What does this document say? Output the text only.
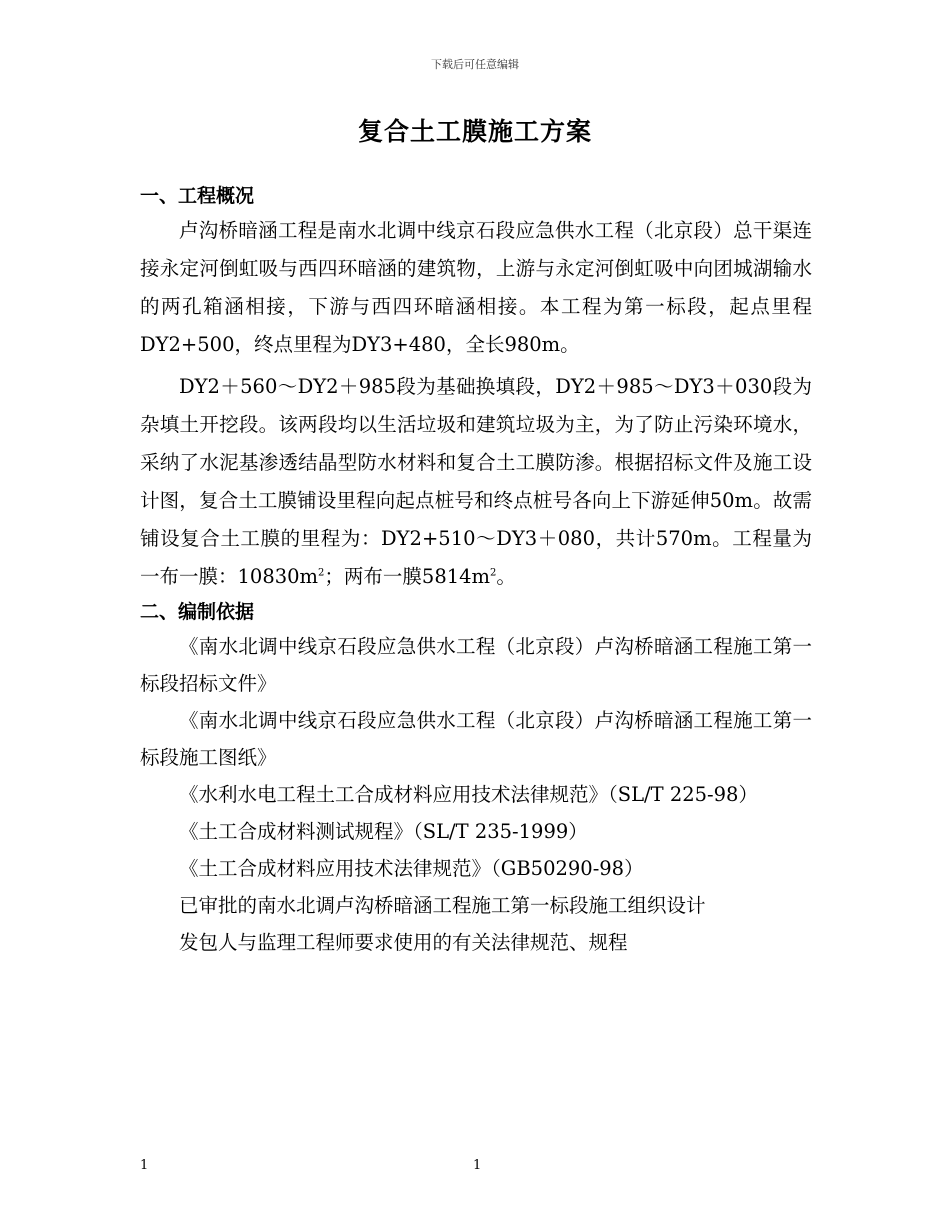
下载后可任意编辑
复合土工膜施工方案

一、工程概况

卢沟桥暗涵工程是南水北调中线京石段应急供水工程（北京段）总干渠连接永定河倒虹吸与西四环暗涵的建筑物，上游与永定河倒虹吸中向团城湖输水的两孔箱涵相接，下游与西四环暗涵相接。本工程为第一标段，起点里程DY2+500，终点里程为DY3+480，全长980m。

DY2＋560～DY2＋985段为基础换填段，DY2＋985～DY3＋030段为杂填土开挖段。该两段均以生活垃圾和建筑垃圾为主，为了防止污染环境水，采纳了水泥基渗透结晶型防水材料和复合土工膜防渗。根据招标文件及施工设计图，复合土工膜铺设里程向起点桩号和终点桩号各向上下游延伸50m。故需铺设复合土工膜的里程为：DY2+510～DY3＋080，共计570m。工程量为一布一膜：$10830m^2$；两布一膜$5814m^2$。

二、编制依据

《南水北调中线京石段应急供水工程（北京段）卢沟桥暗涵工程施工第一标段招标文件》

《南水北调中线京石段应急供水工程（北京段）卢沟桥暗涵工程施工第一标段施工图纸》

《水利水电工程土工合成材料应用技术法律规范》（SL/T 225-98）

《土工合成材料测试规程》（SL/T 235-1999）

《土工合成材料应用技术法律规范》（GB50290-98）

已审批的南水北调卢沟桥暗涵工程施工第一标段施工组织设计

发包人与监理工程师要求使用的有关法律规范、规程

1	1
